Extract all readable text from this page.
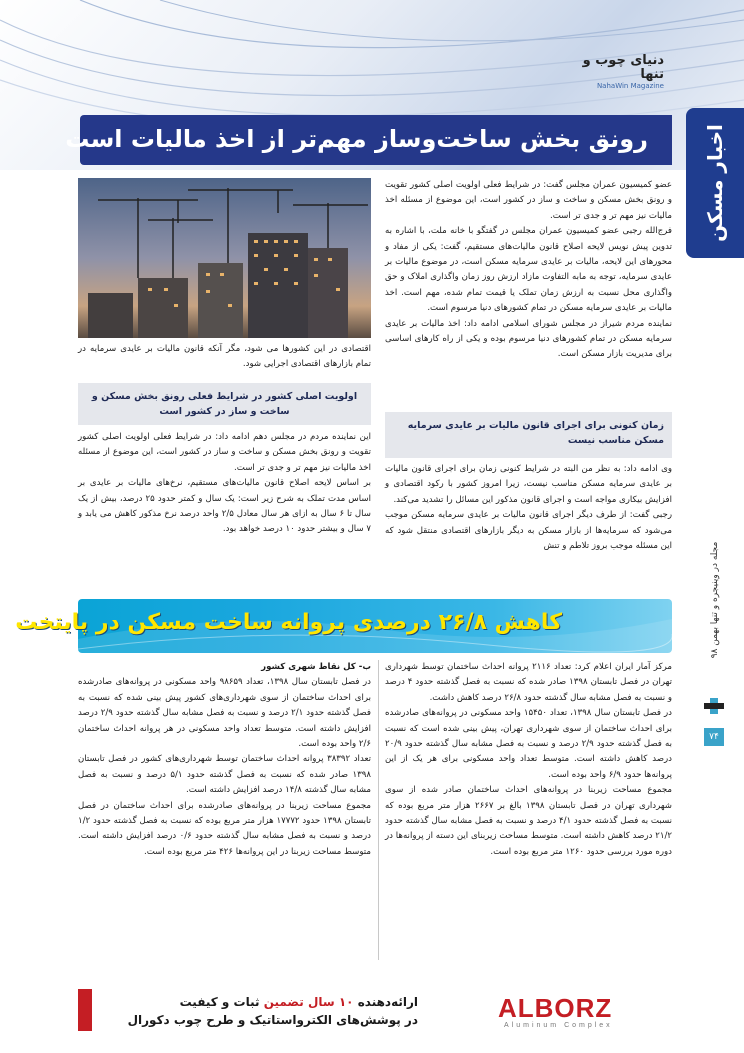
دنیای چوب و تنها
NahaWin Magazine
اخبار مسکن
رونق بخش ساخت‌وساز مهم‌تر از اخذ مالیات است

عضو کمیسیون عمران مجلس گفت: در شرایط فعلی اولویت اصلی کشور تقویت و رونق بخش مسکن و ساخت و ساز در کشور است، این موضوع از مسئله اخذ مالیات نیز مهم تر و جدی تر است.

فرج‌الله رجبی عضو کمیسیون عمران مجلس در گفتگو با خانه ملت، با اشاره به تدوین پیش نویس لایحه اصلاح قانون مالیات‌های مستقیم، گفت: یکی از مفاد و محورهای این لایحه، مالیات بر عایدی سرمایه مسکن است، در موضوع مالیات بر عایدی سرمایه، توجه به مابه التفاوت مازاد ارزش روز زمان واگذاری املاک و حق واگذاری محل نسبت به ارزش زمان تملک یا قیمت تمام شده، مهم است. اخذ مالیات بر عایدی سرمایه مسکن در تمام کشورهای دنیا مرسوم است.

نماینده مردم شیراز در مجلس شورای اسلامی ادامه داد: اخذ مالیات بر عایدی سرمایه مسکن در تمام کشورهای دنیا مرسوم بوده و یکی از راه کارهای اساسی برای مدیریت بازار مسکن است.

زمان کنونی برای اجرای قانون مالیات بر عایدی سرمایه مسکن مناسب نیست

وی ادامه داد: به نظر من البته در شرایط کنونی زمان برای اجرای قانون مالیات بر عایدی سرمایه مسکن مناسب نیست، زیرا امروز کشور با رکود اقتصادی و افزایش بیکاری مواجه است و اجرای قانون مذکور این مسائل را تشدید می‌کند.

رجبی گفت: از طرف دیگر اجرای قانون مالیات بر عایدی سرمایه مسکن موجب می‌شود که سرمایه‌ها از بازار مسکن به دیگر بازارهای اقتصادی منتقل شود که این مسئله موجب بروز تلاطم و تنش

اقتصادی در این کشورها می شود، مگر آنکه قانون مالیات بر عایدی سرمایه در تمام بازارهای اقتصادی اجرایی شود.

اولویت اصلی کشور در شرایط فعلی رونق بخش مسکن و ساخت و ساز در کشور است

این نماینده مردم در مجلس دهم ادامه داد: در شرایط فعلی اولویت اصلی کشور تقویت و رونق بخش مسکن و ساخت و ساز در کشور است، این موضوع از مسئله اخذ مالیات نیز مهم تر و جدی تر است.

بر اساس لایحه اصلاح قانون مالیات‌های مستقیم، نرخ‌های مالیات بر عایدی بر اساس مدت تملک به شرح زیر است: یک سال و کمتر حدود ۲۵ درصد، بیش از یک سال تا ۶ سال به ازای هر سال معادل ۲/۵ واحد درصد نرخ مذکور کاهش می یابد و ۷ سال و بیشتر حدود ۱۰ درصد خواهد بود.

کاهش ۲۶/۸ درصدی پروانه ساخت مسکن در پایتخت

مرکز آمار ایران اعلام کرد: تعداد ۲۱۱۶ پروانه احداث ساختمان توسط شهرداری تهران در فصل تابستان ۱۳۹۸ صادر شده که نسبت به فصل گذشته حدود ۴ درصد و نسبت به فصل مشابه سال گذشته حدود ۲۶/۸ درصد کاهش داشت.

در فصل تابستان سال ۱۳۹۸، تعداد ۱۵۴۵۰ واحد مسکونی در پروانه‌های صادرشده برای احداث ساختمان از سوی شهرداری تهران، پیش بینی شده است که نسبت به فصل گذشته حدود ۲/۹ درصد و نسبت به فصل مشابه سال گذشته حدود ۲۰/۹ درصد کاهش داشته است. متوسط تعداد واحد مسکونی برای هر یک از این پروانه‌ها حدود ۶/۹ واحد بوده است.

مجموع مساحت زیربنا در پروانه‌های احداث ساختمان صادر شده از سوی شهرداری تهران در فصل تابستان ۱۳۹۸ بالغ بر ۲۶۶۷ هزار متر مربع بوده که نسبت به فصل گذشته حدود ۴/۱ درصد و نسبت به فصل مشابه سال گذشته حدود ۲۱/۲ درصد کاهش داشته است. متوسط مساحت زیربنای این دسته از پروانه‌ها در دوره مورد بررسی حدود ۱۲۶۰ متر مربع بوده است.

ب- کل نقاط شهری کشور

در فصل تابستان سال ۱۳۹۸، تعداد ۹۸۶۵۹ واحد مسکونی در پروانه‌های صادرشده برای احداث ساختمان از سوی شهرداری‌های کشور پیش بینی شده که نسبت به فصل گذشته حدود ۲/۱ درصد و نسبت به فصل مشابه سال گذشته حدود ۲/۹ درصد افزایش داشته است. متوسط تعداد واحد مسکونی در هر پروانه احداث ساختمان ۲/۶ واحد بوده است.

تعداد ۳۸۳۹۲ پروانه احداث ساختمان توسط شهرداری‌های کشور در فصل تابستان ۱۳۹۸ صادر شده که نسبت به فصل گذشته حدود ۵/۱ درصد و نسبت به فصل مشابه سال گذشته ۱۴/۸ درصد افزایش داشته است.

مجموع مساحت زیربنا در پروانه‌های صادرشده برای احداث ساختمان در فصل تابستان ۱۳۹۸ حدود ۱۷۷۷۲ هزار متر مربع بوده که نسبت به فصل گذشته حدود ۱/۲ درصد و نسبت به فصل مشابه سال گذشته حدود ۰/۶ درصد افزایش داشته است. متوسط مساحت زیربنا در این پروانه‌ها ۴۲۶ متر مربع بوده است.

مجله در وینیجره و تنها بهمن ۹۸
۷۴
ارائه‌دهنده ۱۰ سال تضمین ثبات و کیفیت
در پوشش‌های الکترواستاتیک و طرح چوب دکورال	ALBORZ
Aluminum Complex
